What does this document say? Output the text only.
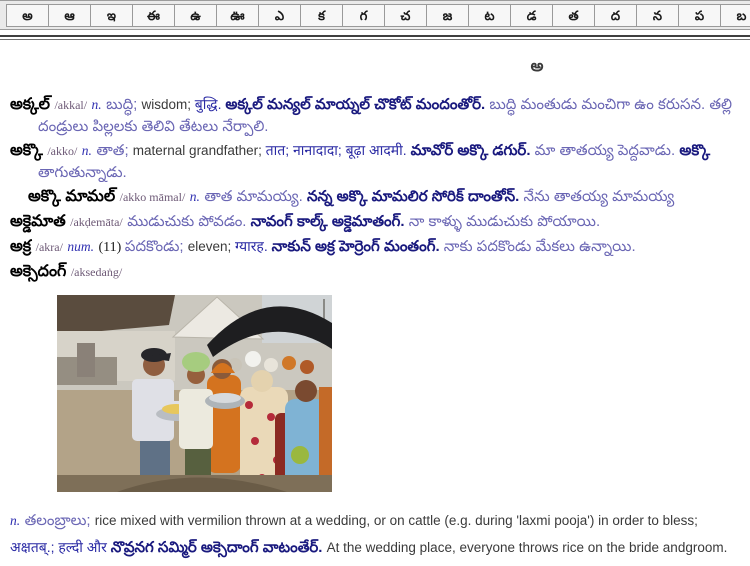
అ	ఆ	ఇ	ఈ	ఉ	ఊ	ఎ	క	గ	చ	జ	ట	డ	త	ద	న	ప	బ
అ

అక్కల్ /akkal/ n. బుద్ధి; wisdom; बुद्धि. అక్కల్ మన్యల్ మాయ్నల్ చొకోట్ మందంతోర్. బుద్ధి మంతుడు మంచిగా ఉం కరుసన. తల్లి దండ్రులు పిల్లలకు తెలివి తేటలు నేర్పాలి.

అక్కొ /akko/ n. తాత; maternal grandfather; तात; नानादादा; बूढ़ा आदमी. మావోర్ అక్కొ డగుర్. మా తాతయ్య పెద్దవాడు. అక్కొ తాగుతున్నాడు.

అక్కొ మామల్ /akko māmal/ n. తాత మామయ్య. నన్న అక్కొ మామలిర సోరిక్ దాంతోన్. నేను తాతయ్య మామయ్య

అక్డెమాత /akḍemāta/ ముడుచుకు పోవడం. నావంగ్ కాల్క్ అక్డెమాతంగ్. నా కాళ్ళు ముడుచుకు పోయాయి.

అక్ర /akra/ num. (11) పదకొండు; eleven; ग्यारह. నాకున్ అక్ర హెర్రెంగ్ మంతంగ్. నాకు పదకొండు మేకలు ఉన్నాయి.

అక్సెదంగ్ /aksedaṅg/

n. తలంబ్రాలు; rice mixed with vermilion thrown at a wedding, or on cattle (e.g. during 'laxmi pooja') in order to bless; अक्षतब्.; हल्दी और నొవ్రనగ సమ్మిర్ అక్సెదాంగ్ వాటంతేర్. At the wedding place, everyone throws rice on the bride andgroom.
